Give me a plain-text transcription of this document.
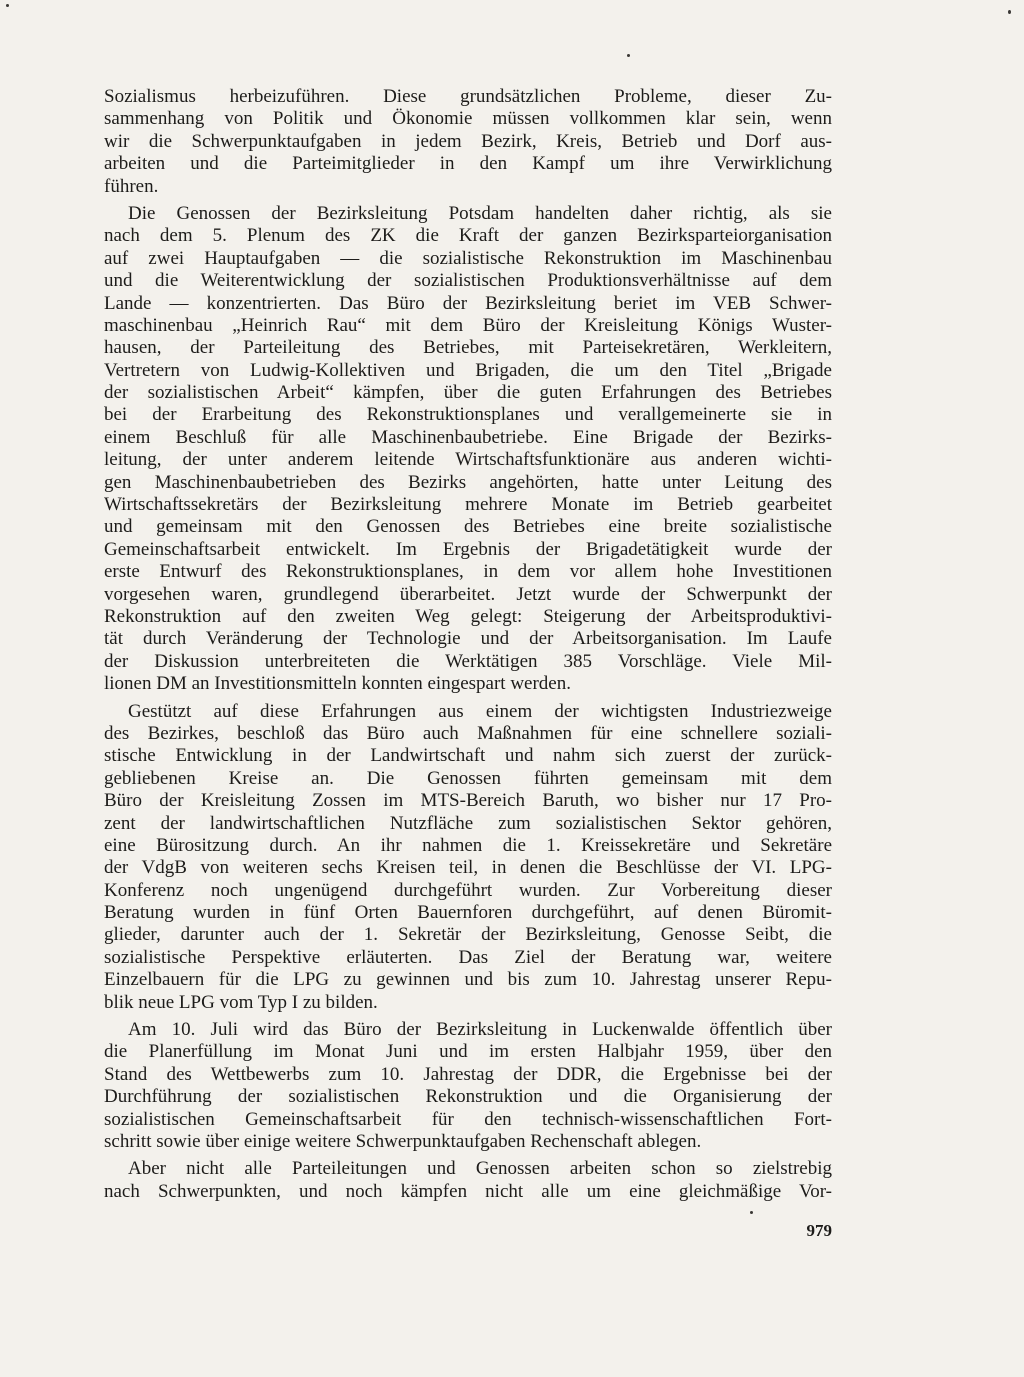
Sozialismus herbeizuführen. Diese grundsätzlichen Probleme, dieser Zu-
sammenhang von Politik und Ökonomie müssen vollkommen klar sein, wenn
wir die Schwerpunktaufgaben in jedem Bezirk, Kreis, Betrieb und Dorf aus-
arbeiten und die Parteimitglieder in den Kampf um ihre Verwirklichung
führen.
Die Genossen der Bezirksleitung Potsdam handelten daher richtig, als sie
nach dem 5. Plenum des ZK die Kraft der ganzen Bezirksparteiorganisation
auf zwei Hauptaufgaben — die sozialistische Rekonstruktion im Maschinenbau
und die Weiterentwicklung der sozialistischen Produktionsverhältnisse auf dem
Lande — konzentrierten. Das Büro der Bezirksleitung beriet im VEB Schwer-
maschinenbau „Heinrich Rau“ mit dem Büro der Kreisleitung Königs Wuster-
hausen, der Parteileitung des Betriebes, mit Parteisekretären, Werkleitern,
Vertretern von Ludwig-Kollektiven und Brigaden, die um den Titel „Brigade
der sozialistischen Arbeit“ kämpfen, über die guten Erfahrungen des Betriebes
bei der Erarbeitung des Rekonstruktionsplanes und verallgemeinerte sie in
einem Beschluß für alle Maschinenbaubetriebe. Eine Brigade der Bezirks-
leitung, der unter anderem leitende Wirtschaftsfunktionäre aus anderen wichti-
gen Maschinenbaubetrieben des Bezirks angehörten, hatte unter Leitung des
Wirtschaftssekretärs der Bezirksleitung mehrere Monate im Betrieb gearbeitet
und gemeinsam mit den Genossen des Betriebes eine breite sozialistische
Gemeinschaftsarbeit entwickelt. Im Ergebnis der Brigadetätigkeit wurde der
erste Entwurf des Rekonstruktionsplanes, in dem vor allem hohe Investitionen
vorgesehen waren, grundlegend überarbeitet. Jetzt wurde der Schwerpunkt der
Rekonstruktion auf den zweiten Weg gelegt: Steigerung der Arbeitsproduktivi-
tät durch Veränderung der Technologie und der Arbeitsorganisation. Im Laufe
der Diskussion unterbreiteten die Werktätigen 385 Vorschläge. Viele Mil-
lionen DM an Investitionsmitteln konnten eingespart werden.
Gestützt auf diese Erfahrungen aus einem der wichtigsten Industriezweige
des Bezirkes, beschloß das Büro auch Maßnahmen für eine schnellere soziali-
stische Entwicklung in der Landwirtschaft und nahm sich zuerst der zurück-
gebliebenen Kreise an. Die Genossen führten gemeinsam mit dem
Büro der Kreisleitung Zossen im MTS-Bereich Baruth, wo bisher nur 17 Pro-
zent der landwirtschaftlichen Nutzfläche zum sozialistischen Sektor gehören,
eine Bürositzung durch. An ihr nahmen die 1. Kreissekretäre und Sekretäre
der VdgB von weiteren sechs Kreisen teil, in denen die Beschlüsse der VI. LPG-
Konferenz noch ungenügend durchgeführt wurden. Zur Vorbereitung dieser
Beratung wurden in fünf Orten Bauernforen durchgeführt, auf denen Büromit-
glieder, darunter auch der 1. Sekretär der Bezirksleitung, Genosse Seibt, die
sozialistische Perspektive erläuterten. Das Ziel der Beratung war, weitere
Einzelbauern für die LPG zu gewinnen und bis zum 10. Jahrestag unserer Repu-
blik neue LPG vom Typ I zu bilden.
Am 10. Juli wird das Büro der Bezirksleitung in Luckenwalde öffentlich über
die Planerfüllung im Monat Juni und im ersten Halbjahr 1959, über den
Stand des Wettbewerbs zum 10. Jahrestag der DDR, die Ergebnisse bei der
Durchführung der sozialistischen Rekonstruktion und die Organisierung der
sozialistischen Gemeinschaftsarbeit für den technisch-wissenschaftlichen Fort-
schritt sowie über einige weitere Schwerpunktaufgaben Rechenschaft ablegen.
Aber nicht alle Parteileitungen und Genossen arbeiten schon so zielstrebig
nach Schwerpunkten, und noch kämpfen nicht alle um eine gleichmäßige Vor-
979
